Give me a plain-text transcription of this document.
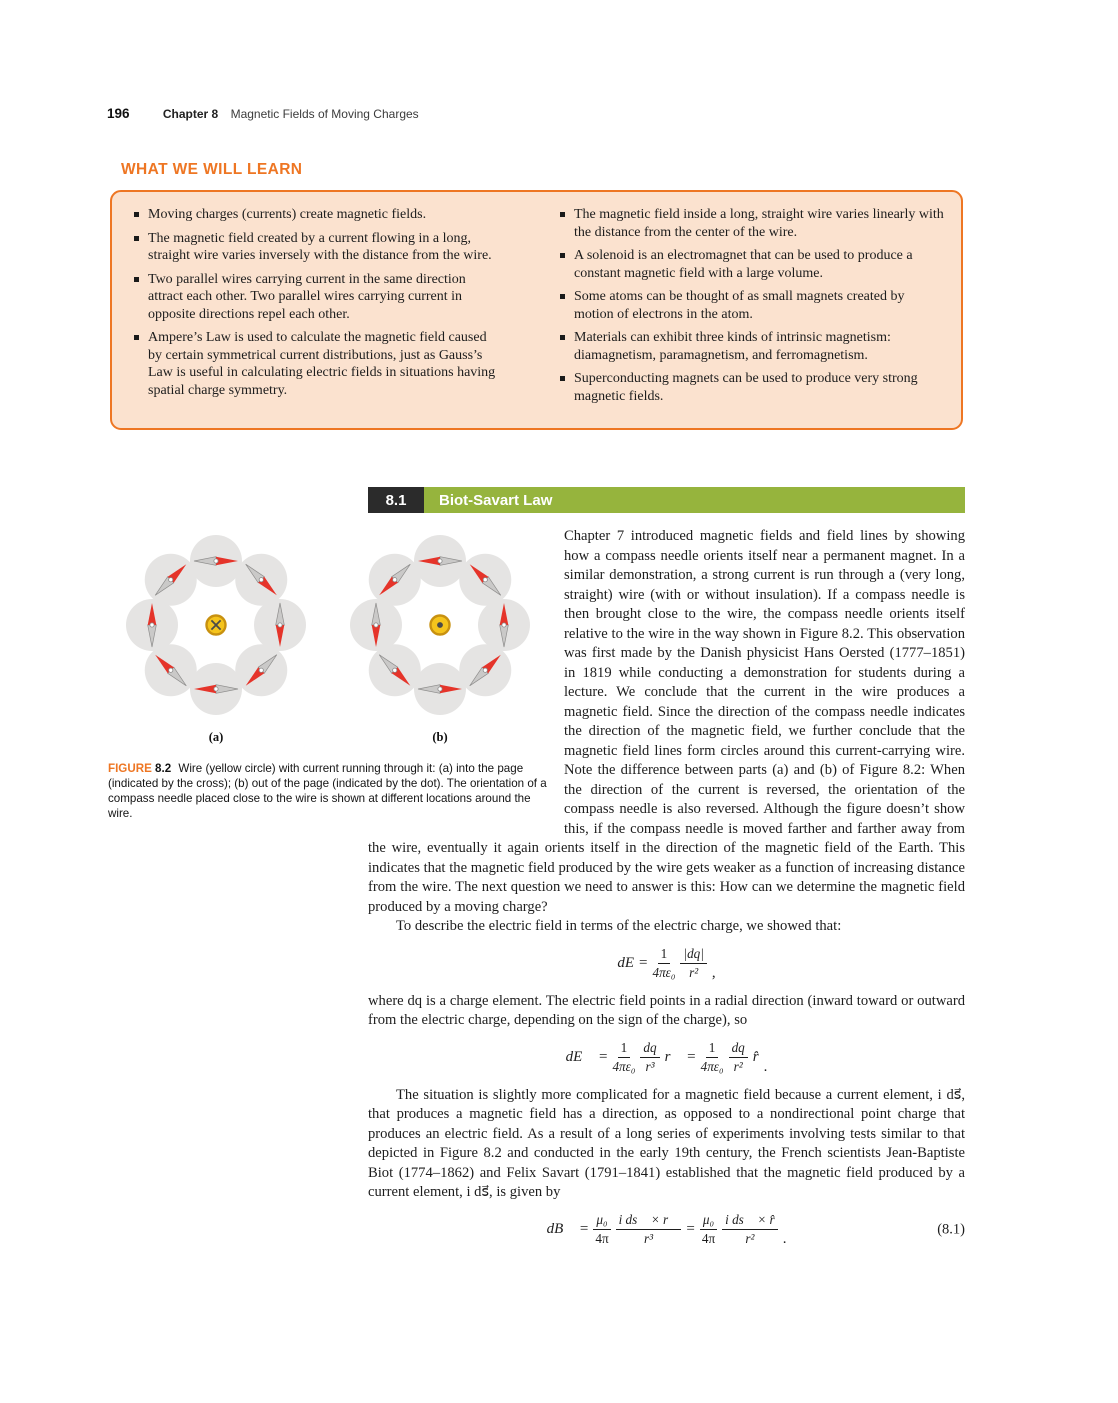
196	Chapter 8 Magnetic Fields of Moving Charges
WHAT WE WILL LEARN
Moving charges (currents) create magnetic fields.
The magnetic field created by a current flowing in a long, straight wire varies inversely with the distance from the wire.
Two parallel wires carrying current in the same direction attract each other. Two parallel wires carrying current in opposite directions repel each other.
Ampere’s Law is used to calculate the magnetic field caused by certain symmetrical current distributions, just as Gauss’s Law is useful in calculating electric fields in situations having spatial charge symmetry.
The magnetic field inside a long, straight wire varies linearly with the distance from the center of the wire.
A solenoid is an electromagnet that can be used to produce a constant magnetic field with a large volume.
Some atoms can be thought of as small magnets created by motion of electrons in the atom.
Materials can exhibit three kinds of intrinsic magnetism: diamagnetism, paramagnetism, and ferromagnetism.
Superconducting magnets can be used to produce very strong magnetic fields.
8.1	Biot-Savart Law
(a)	(b)
FIGURE 8.2 Wire (yellow circle) with current running through it: (a) into the page (indicated by the cross); (b) out of the page (indicated by the dot). The orientation of a compass needle placed close to the wire is shown at different locations around the wire.

Chapter 7 introduced magnetic fields and field lines by showing how a compass needle orients itself near a permanent magnet. In a similar demonstration, a strong current is run through a (very long, straight) wire (with or without insulation). If a compass needle is then brought close to the wire, the compass needle orients itself relative to the wire in the way shown in Figure 8.2. This observation was first made by the Danish physicist Hans Oersted (1777–1851) in 1819 while conducting a demonstration for students during a lecture. We conclude that the current in the wire produces a magnetic field. Since the direction of the compass needle indicates the direction of the magnetic field, we further conclude that the magnetic field lines form circles around this current-carrying wire. Note the difference between parts (a) and (b) of Figure 8.2: When the direction of the current is reversed, the orientation of the compass needle is also reversed. Although the figure doesn’t show this, if the compass needle is moved farther and farther away from the wire, eventually it again orients itself in the direction of the magnetic field of the Earth. This indicates that the magnetic field produced by the wire gets weaker as a function of increasing distance from the wire. The next question we need to answer is this: How can we determine the magnetic field produced by a moving charge?

To describe the electric field in terms of the electric charge, we showed that:

dE = $\frac{1}{\text{4πε₀}} \frac{|dq|}{\text{r²}}$ ,

where dq is a charge element. The electric field points in a radial direction (inward toward or outward from the electric charge, depending on the sign of the charge), so

dE⃗ = $\frac{1}{\text{4πε₀}} \frac{dq}{\text{r³}}$ r⃗ = $\frac{1}{\text{4πε₀}} \frac{dq}{\text{r²}}$ r̂
.

The situation is slightly more complicated for a magnetic field because a current element, i ds⃗, that produces a magnetic field has a direction, as opposed to a nondirectional point charge that produces an electric field. As a result of a long series of experiments involving tests similar to that depicted in Figure 8.2 and conducted in the early 19th century, the French scientists Jean-Baptiste Biot (1774–1862) and Felix Savart (1791–1841) established that the magnetic field produced by a current element, i ds⃗, is given by

dB⃗ = $\frac{\text{μ₀}}{4\pi} \frac{\text{i ds⃗ × r⃗}}{\text{r³}} = \frac{\text{μ₀}}{4\pi} \frac{\text{i ds⃗ × r̂}}{\text{r²}}$ .
(8.1)
